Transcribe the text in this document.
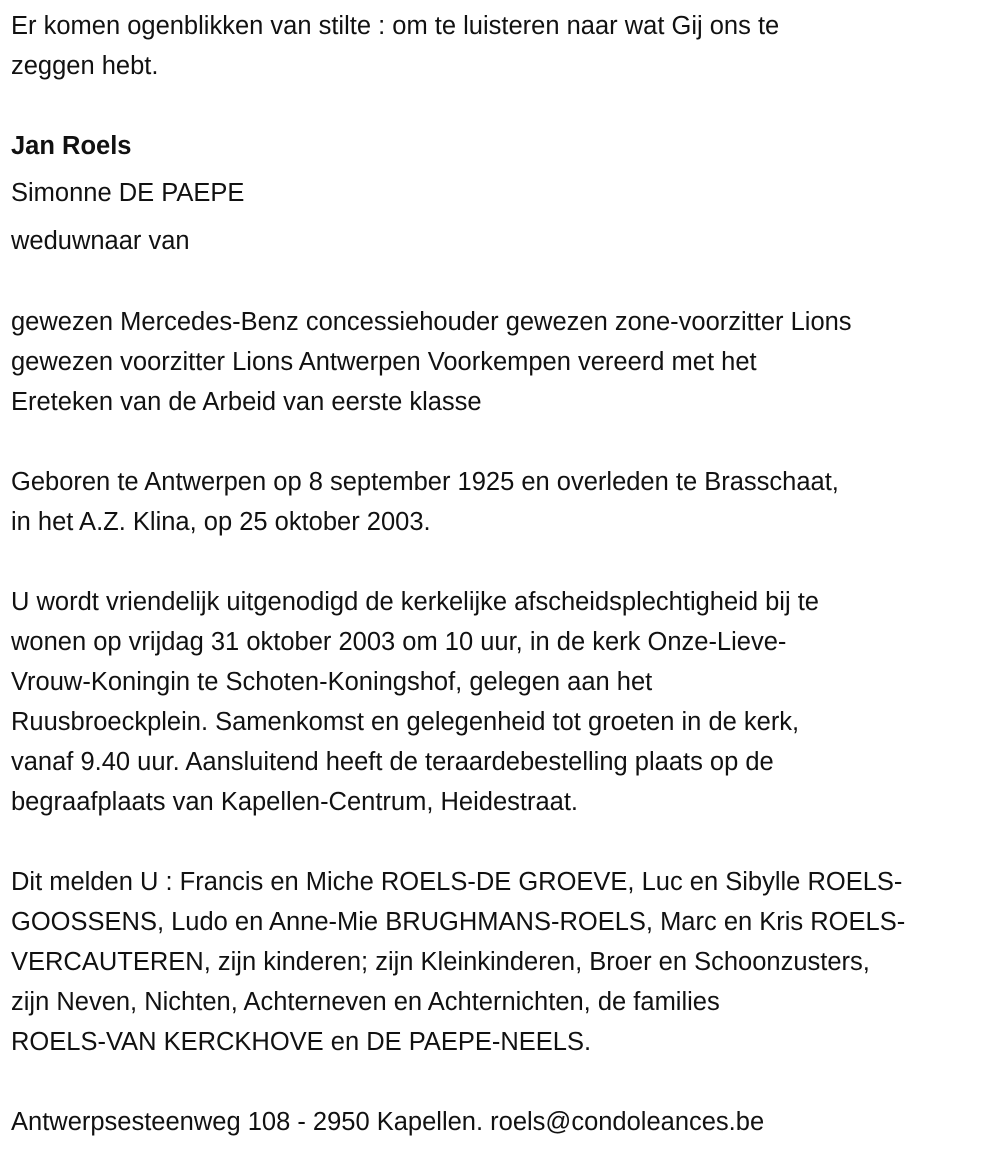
Er komen ogenblikken van stilte : om te luisteren naar wat Gij ons te
zeggen hebt.
Jan Roels
Simonne DE PAEPE
weduwnaar van
gewezen Mercedes-Benz concessiehouder gewezen zone-voorzitter Lions
gewezen voorzitter Lions Antwerpen Voorkempen vereerd met het
Ereteken van de Arbeid van eerste klasse
Geboren te Antwerpen op 8 september 1925 en overleden te Brasschaat,
in het A.Z. Klina, op 25 oktober 2003.
U wordt vriendelijk uitgenodigd de kerkelijke afscheidsplechtigheid bij te
wonen op vrijdag 31 oktober 2003 om 10 uur, in de kerk Onze-Lieve-
Vrouw-Koningin te Schoten-Koningshof, gelegen aan het
Ruusbroeckplein. Samenkomst en gelegenheid tot groeten in de kerk,
vanaf 9.40 uur. Aansluitend heeft de teraardebestelling plaats op de
begraafplaats van Kapellen-Centrum, Heidestraat.
Dit melden U : Francis en Miche ROELS-DE GROEVE, Luc en Sibylle ROELS-
GOOSSENS, Ludo en Anne-Mie BRUGHMANS-ROELS, Marc en Kris ROELS-
VERCAUTEREN, zijn kinderen; zijn Kleinkinderen, Broer en Schoonzusters,
zijn Neven, Nichten, Achterneven en Achternichten, de families
ROELS-VAN KERCKHOVE en DE PAEPE-NEELS.
Antwerpsesteenweg 108 - 2950 Kapellen. roels@condoleances.be
